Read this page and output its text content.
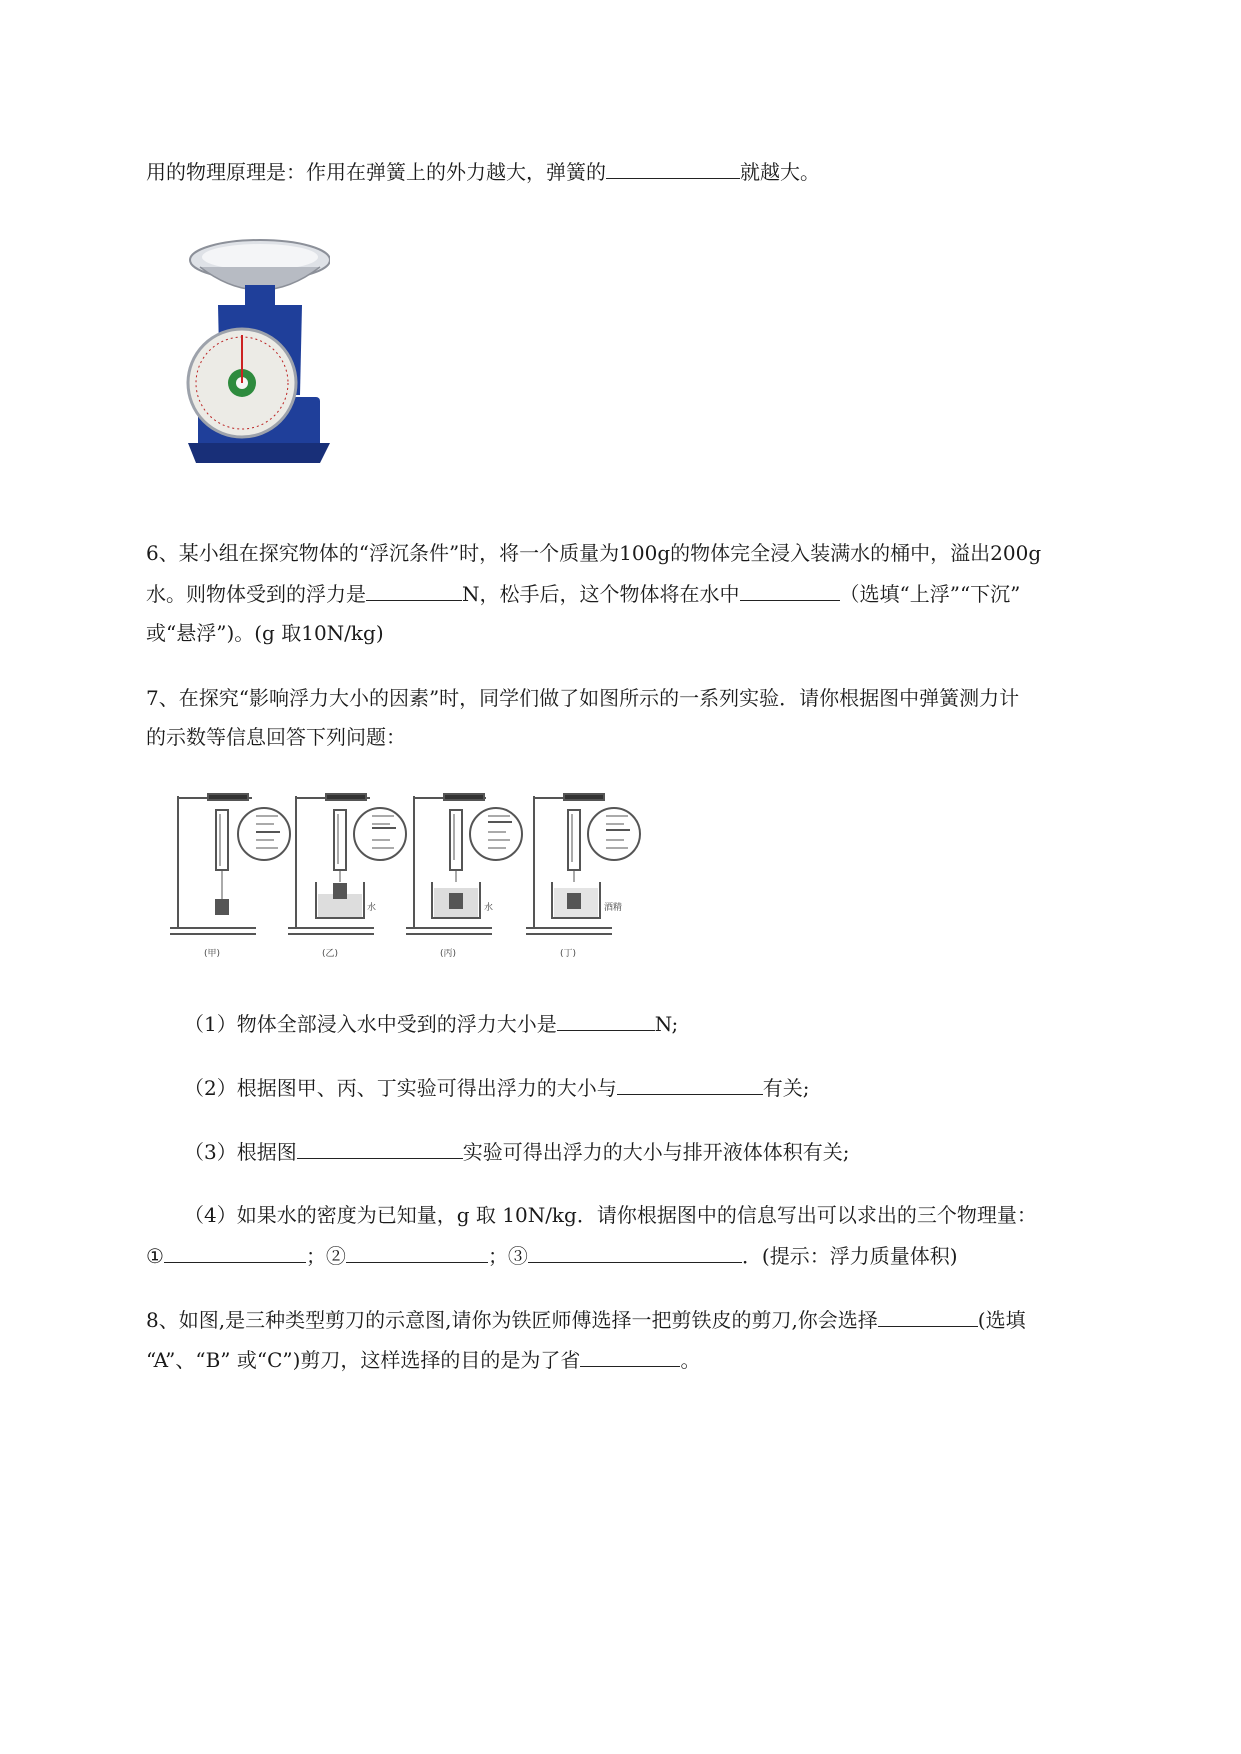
用的物理原理是：作用在弹簧上的外力越大，弹簧的	就越大。
6、某小组在探究物体的“浮沉条件”时，将一个质量为100g的物体完全浸入装满水的桶中，溢出200g
水。则物体受到的浮力是	N，松手后，这个物体将在水中	（选填“上浮”“下沉”
或“悬浮”)。(g 取10N/kg)
7、在探究“影响浮力大小的因素”时，同学们做了如图所示的一系列实验．请你根据图中弹簧测力计
的示数等信息回答下列问题：
水	水	酒精
(甲)	(乙)	(丙)	(丁)
（1）物体全部浸入水中受到的浮力大小是	N;
（2）根据图甲、丙、丁实验可得出浮力的大小与	有关;
（3）根据图	实验可得出浮力的大小与排开液体体积有关;
（4）如果水的密度为已知量，g 取 10N/kg．请你根据图中的信息写出可以求出的三个物理量：
①	；②	；③	．(提示：浮力质量体积)
8、如图,是三种类型剪刀的示意图,请你为铁匠师傅选择一把剪铁皮的剪刀,你会选择	(选填
“A”、“B” 或“C”)剪刀，这样选择的目的是为了省	。
